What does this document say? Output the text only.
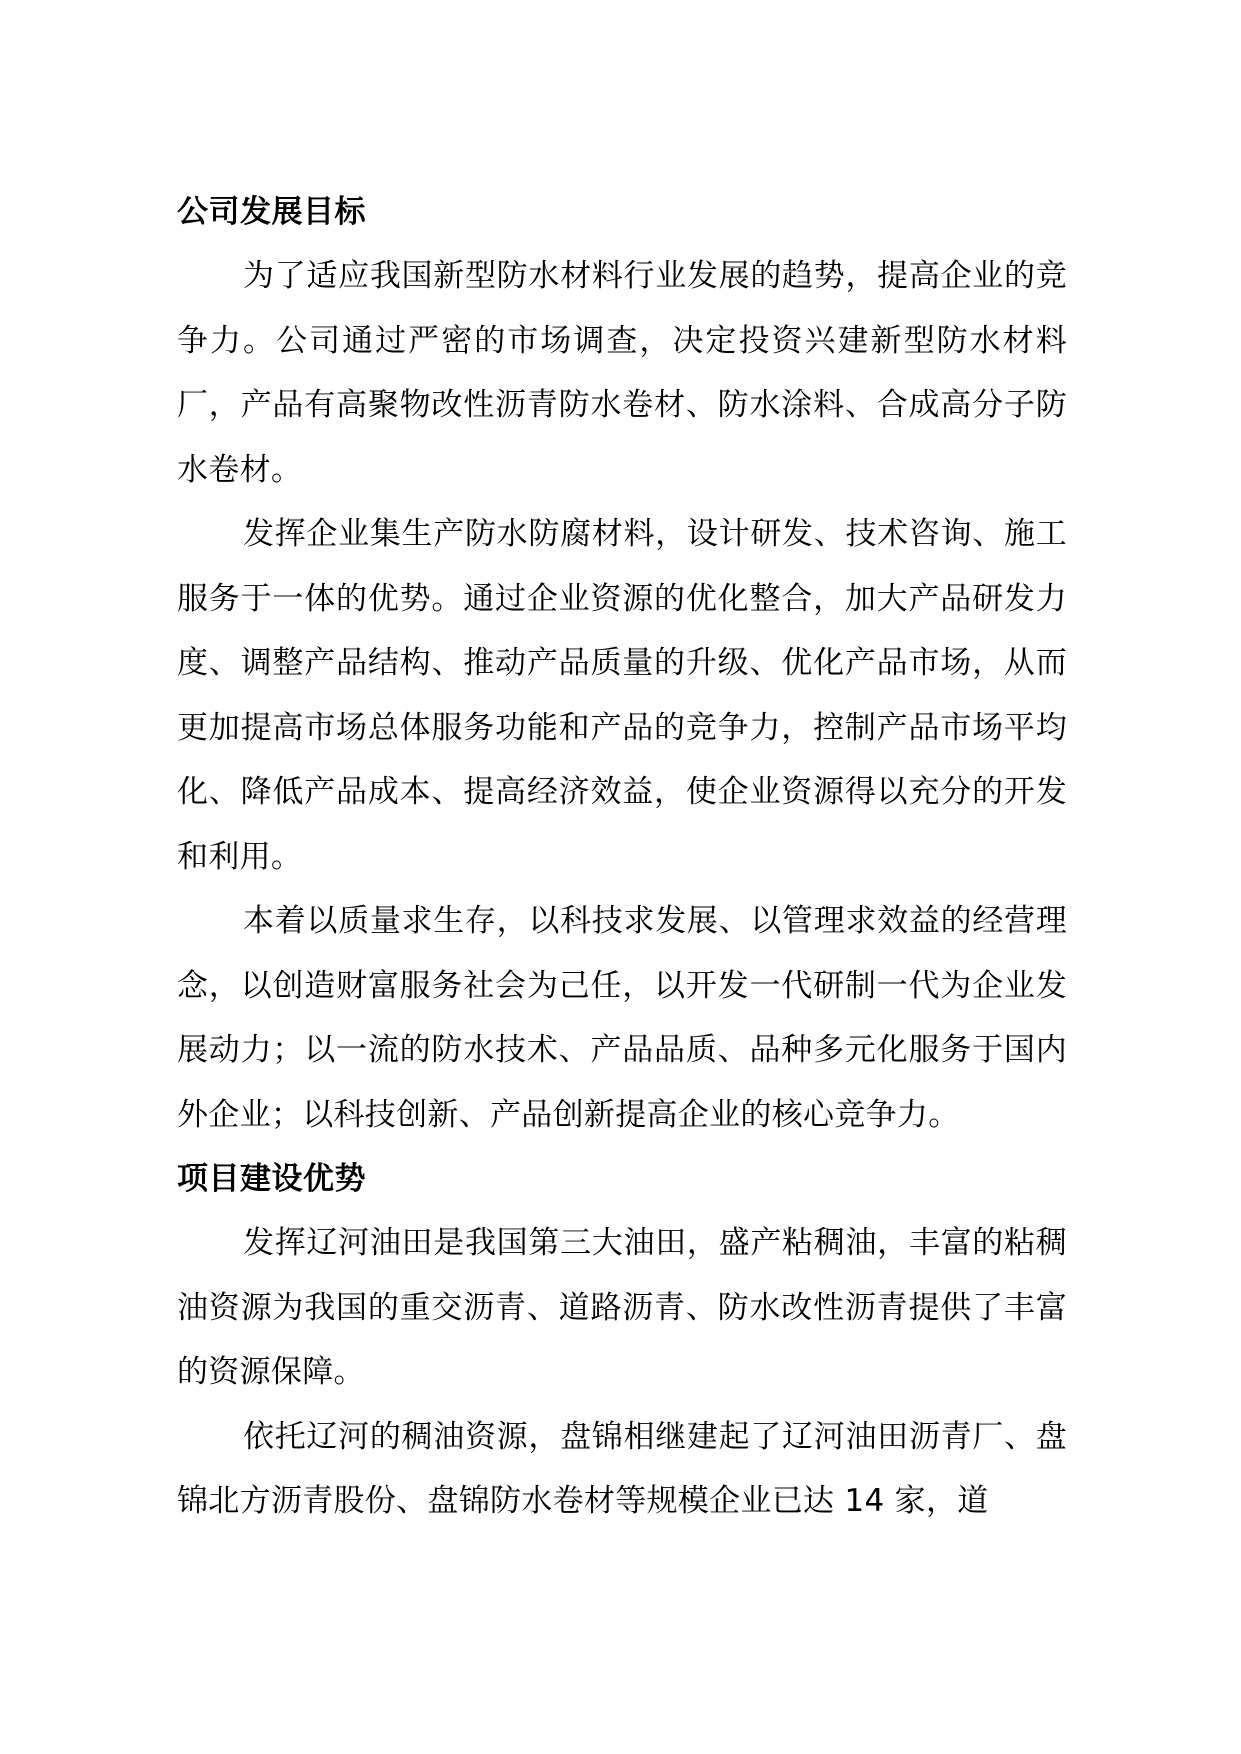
公司发展目标

为了适应我国新型防水材料行业发展的趋势，提高企业的竞争力。公司通过严密的市场调查，决定投资兴建新型防水材料厂，产品有高聚物改性沥青防水卷材、防水涂料、合成高分子防水卷材。

发挥企业集生产防水防腐材料，设计研发、技术咨询、施工服务于一体的优势。通过企业资源的优化整合，加大产品研发力度、调整产品结构、推动产品质量的升级、优化产品市场，从而更加提高市场总体服务功能和产品的竞争力，控制产品市场平均化、降低产品成本、提高经济效益，使企业资源得以充分的开发和利用。

本着以质量求生存，以科技求发展、以管理求效益的经营理念，以创造财富服务社会为己任，以开发一代研制一代为企业发展动力；以一流的防水技术、产品品质、品种多元化服务于国内外企业；以科技创新、产品创新提高企业的核心竞争力。

项目建设优势

发挥辽河油田是我国第三大油田，盛产粘稠油，丰富的粘稠油资源为我国的重交沥青、道路沥青、防水改性沥青提供了丰富的资源保障。

依托辽河的稠油资源，盘锦相继建起了辽河油田沥青厂、盘锦北方沥青股份、盘锦防水卷材等规模企业已达 14 家，道
